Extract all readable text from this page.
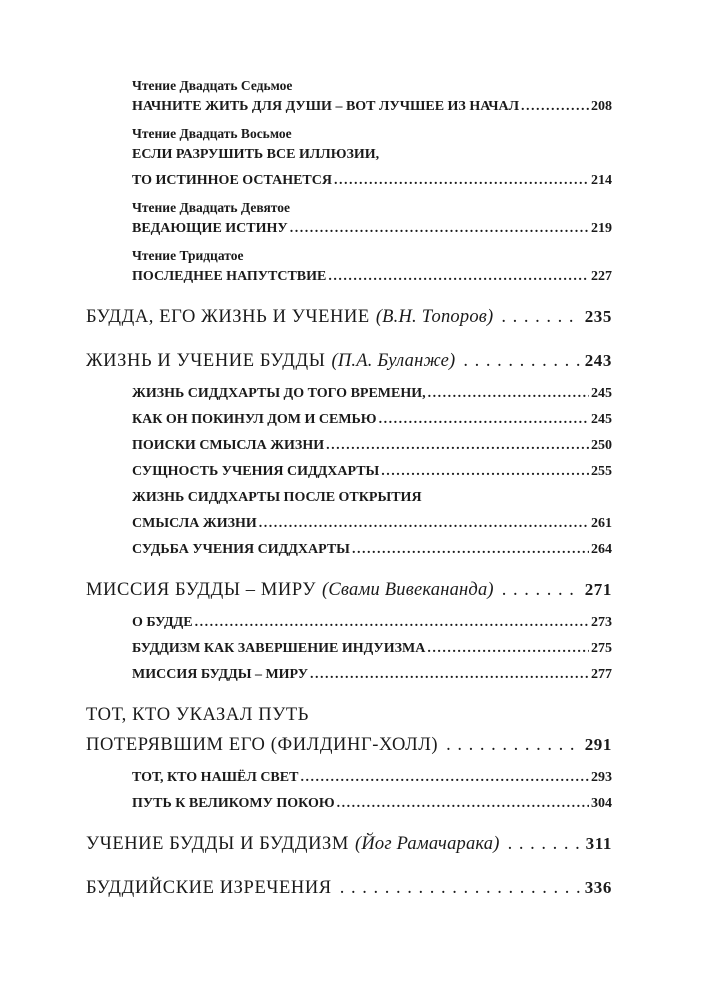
Чтение Двадцать Седьмое
НАЧНИТЕ ЖИТЬ ДЛЯ ДУШИ – ВОТ ЛУЧШЕЕ ИЗ НАЧАЛ . . .	208
Чтение Двадцать Восьмое
ЕСЛИ РАЗРУШИТЬ ВСЕ ИЛЛЮЗИИ,
ТО ИСТИННОЕ ОСТАНЕТСЯ . . .	214
Чтение Двадцать Девятое
ВЕДАЮЩИЕ ИСТИНУ . . .	219
Чтение Тридцатое
ПОСЛЕДНЕЕ НАПУТСТВИЕ . . .	227
БУДДА, ЕГО ЖИЗНЬ И УЧЕНИЕ (В.Н. Топоров) . . .	235
ЖИЗНЬ И УЧЕНИЕ БУДДЫ (П.А. Буланже) . . .	243
ЖИЗНЬ СИДДХАРТЫ ДО ТОГО ВРЕМЕНИ, . . .	245
КАК ОН ПОКИНУЛ ДОМ И СЕМЬЮ . . .	245
ПОИСКИ СМЫСЛА ЖИЗНИ . . .	250
СУЩНОСТЬ УЧЕНИЯ СИДДХАРТЫ . . .	255
ЖИЗНЬ СИДДХАРТЫ ПОСЛЕ ОТКРЫТИЯ
СМЫСЛА ЖИЗНИ . . .	261
СУДЬБА УЧЕНИЯ СИДДХАРТЫ . . .	264
МИССИЯ БУДДЫ – МИРУ (Свами Вивекананда) . . .	271
О БУДДЕ . . .	273
БУДДИЗМ КАК ЗАВЕРШЕНИЕ ИНДУИЗМА . . .	275
МИССИЯ БУДДЫ – МИРУ . . .	277
ТОТ, КТО УКАЗАЛ ПУТЬ
ПОТЕРЯВШИМ ЕГО (ФИЛДИНГ-ХОЛЛ) . . .	291
ТОТ, КТО НАШЁЛ СВЕТ . . .	293
ПУТЬ К ВЕЛИКОМУ ПОКОЮ . . .	304
УЧЕНИЕ БУДДЫ И БУДДИЗМ (Йог Рамачарака) . . .	311
БУДДИЙСКИЕ ИЗРЕЧЕНИЯ . . .	336
